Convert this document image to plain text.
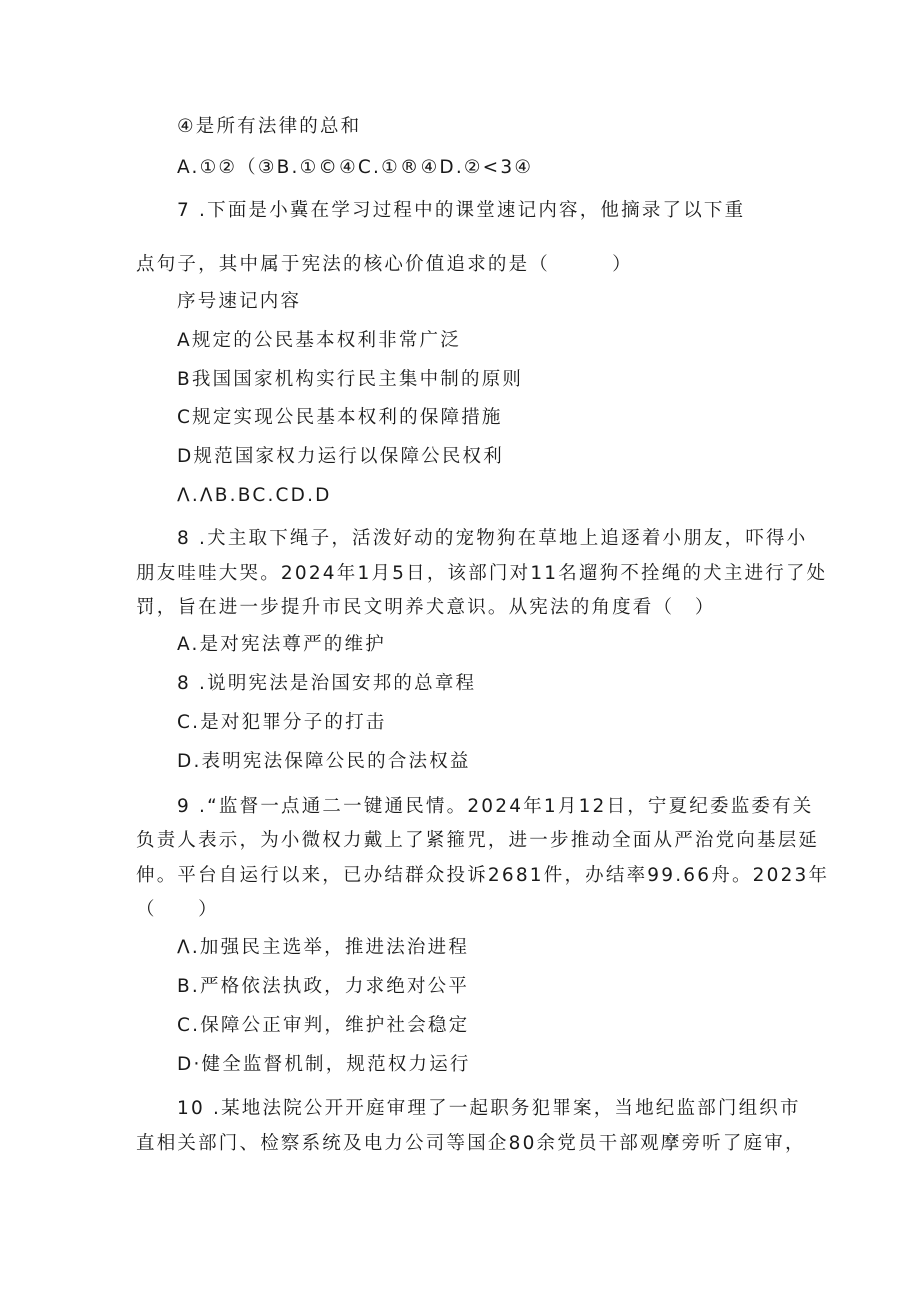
④是所有法律的总和
A.①②（③B.①©④C.①®④D.②<3④
7 .下面是小冀在学习过程中的课堂速记内容，他摘录了以下重
点句子，其中属于宪法的核心价值追求的是（　　　）
序号速记内容
A规定的公民基本权利非常广泛
B我国国家机构实行民主集中制的原则
C规定实现公民基本权利的保障措施
D规范国家权力运行以保障公民权利
Λ.ΛB.BC.CD.D
8 .犬主取下绳子，活泼好动的宠物狗在草地上追逐着小朋友，吓得小
朋友哇哇大哭。2024年1月5日，该部门对11名遛狗不拴绳的犬主进行了处
罚，旨在进一步提升市民文明养犬意识。从宪法的角度看（　）
A.是对宪法尊严的维护
8 .说明宪法是治国安邦的总章程
C.是对犯罪分子的打击
D.表明宪法保障公民的合法权益
9 .“监督一点通二一键通民情。2024年1月12日，宁夏纪委监委有关
负责人表示，为小微权力戴上了紧箍咒，进一步推动全面从严治党向基层延
伸。平台自运行以来，已办结群众投诉2681件，办结率99.66舟。2023年
（　　）
Λ.加强民主选举，推进法治进程
B.严格依法执政，力求绝对公平
C.保障公正审判，维护社会稳定
D·健全监督机制，规范权力运行
10 .某地法院公开开庭审理了一起职务犯罪案，当地纪监部门组织市
直相关部门、检察系统及电力公司等国企80余党员干部观摩旁听了庭审，
